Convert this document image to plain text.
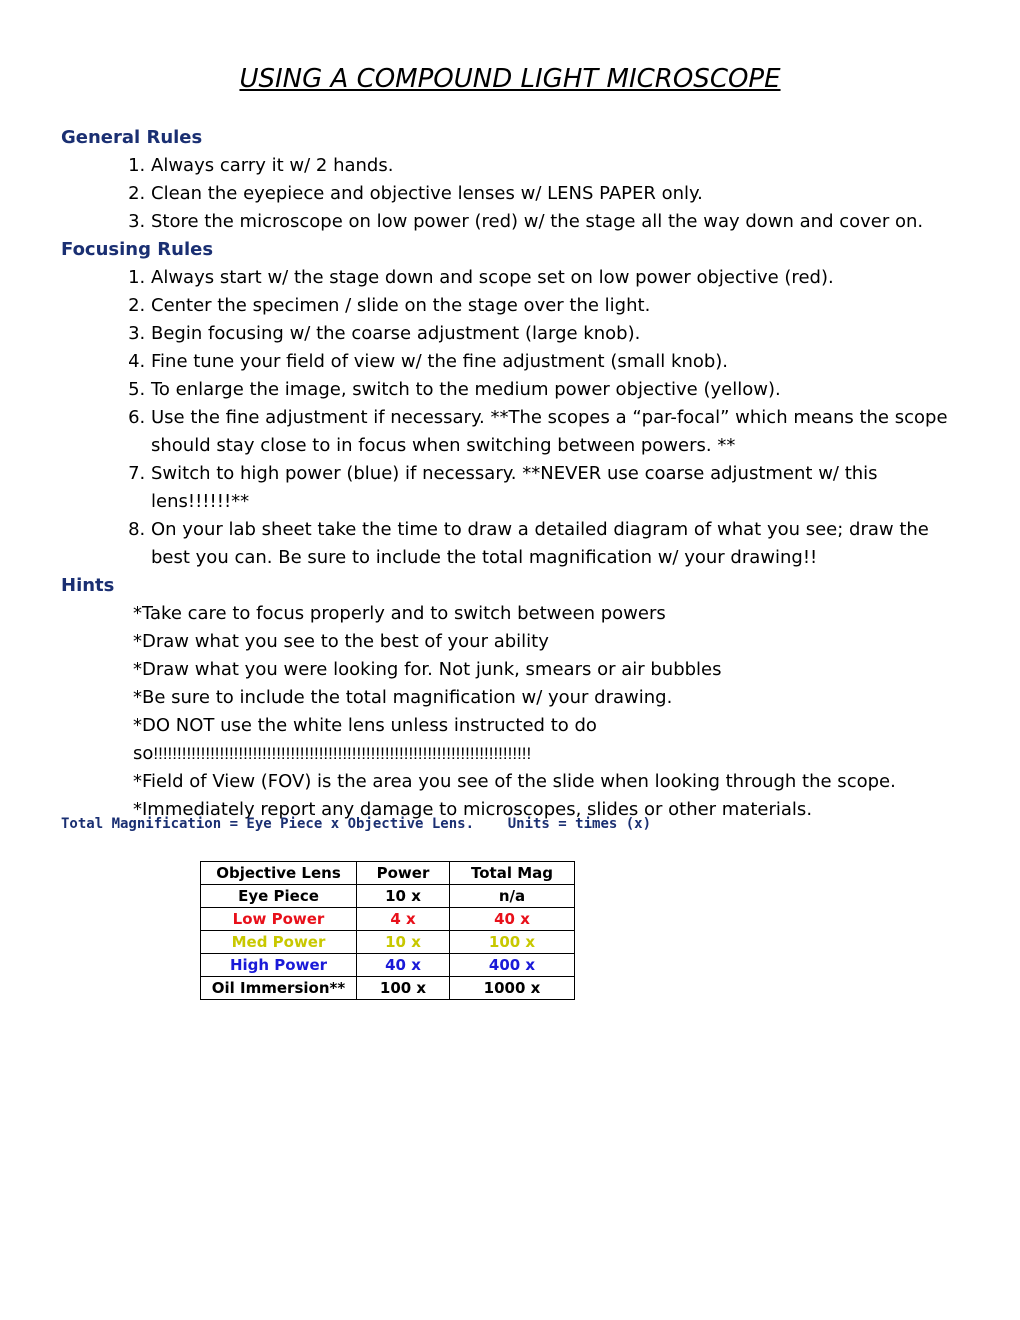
USING A COMPOUND LIGHT MICROSCOPE
General Rules
1. Always carry it w/ 2 hands.
2. Clean the eyepiece and objective lenses w/ LENS PAPER only.
3. Store the microscope on low power (red) w/ the stage all the way down and cover on.
Focusing Rules
1. Always start w/ the stage down and scope set on low power objective (red).
2. Center the specimen / slide on the stage over the light.
3. Begin focusing w/ the coarse adjustment (large knob).
4. Fine tune your field of view w/ the fine adjustment (small knob).
5. To enlarge the image, switch to the medium power objective (yellow).
6. Use the fine adjustment if necessary. **The scopes a “par-focal” which means the scope should stay close to in focus when switching between powers. **
7. Switch to high power (blue) if necessary. **NEVER use coarse adjustment w/ this lens!!!!!!**
8. On your lab sheet take the time to draw a detailed diagram of what you see; draw the best you can. Be sure to include the total magnification w/ your drawing!!
Hints
*Take care to focus properly and to switch between powers
*Draw what you see to the best of your ability
*Draw what you were looking for. Not junk, smears or air bubbles
*Be sure to include the total magnification w/ your drawing.
*DO NOT use the white lens unless instructed to do so!!!!!!!!!!!!!!!!!!!!!!!!!!!!!!!!!!!!!!!!!!!!!!!!!!!!!!!!!!!!!!!!!!!!!!!!!!!!!!!!
*Field of View (FOV) is the area you see of the slide when looking through the scope.
*Immediately report any damage to microscopes, slides or other materials.
Total Magnification = Eye Piece x Objective Lens.    Units = times (x)
Objective Lens	Power	Total Mag
Eye Piece	10 x	n/a
Low Power	4 x	40 x
Med Power	10 x	100 x
High Power	40 x	400 x
Oil Immersion**	100 x	1000 x
